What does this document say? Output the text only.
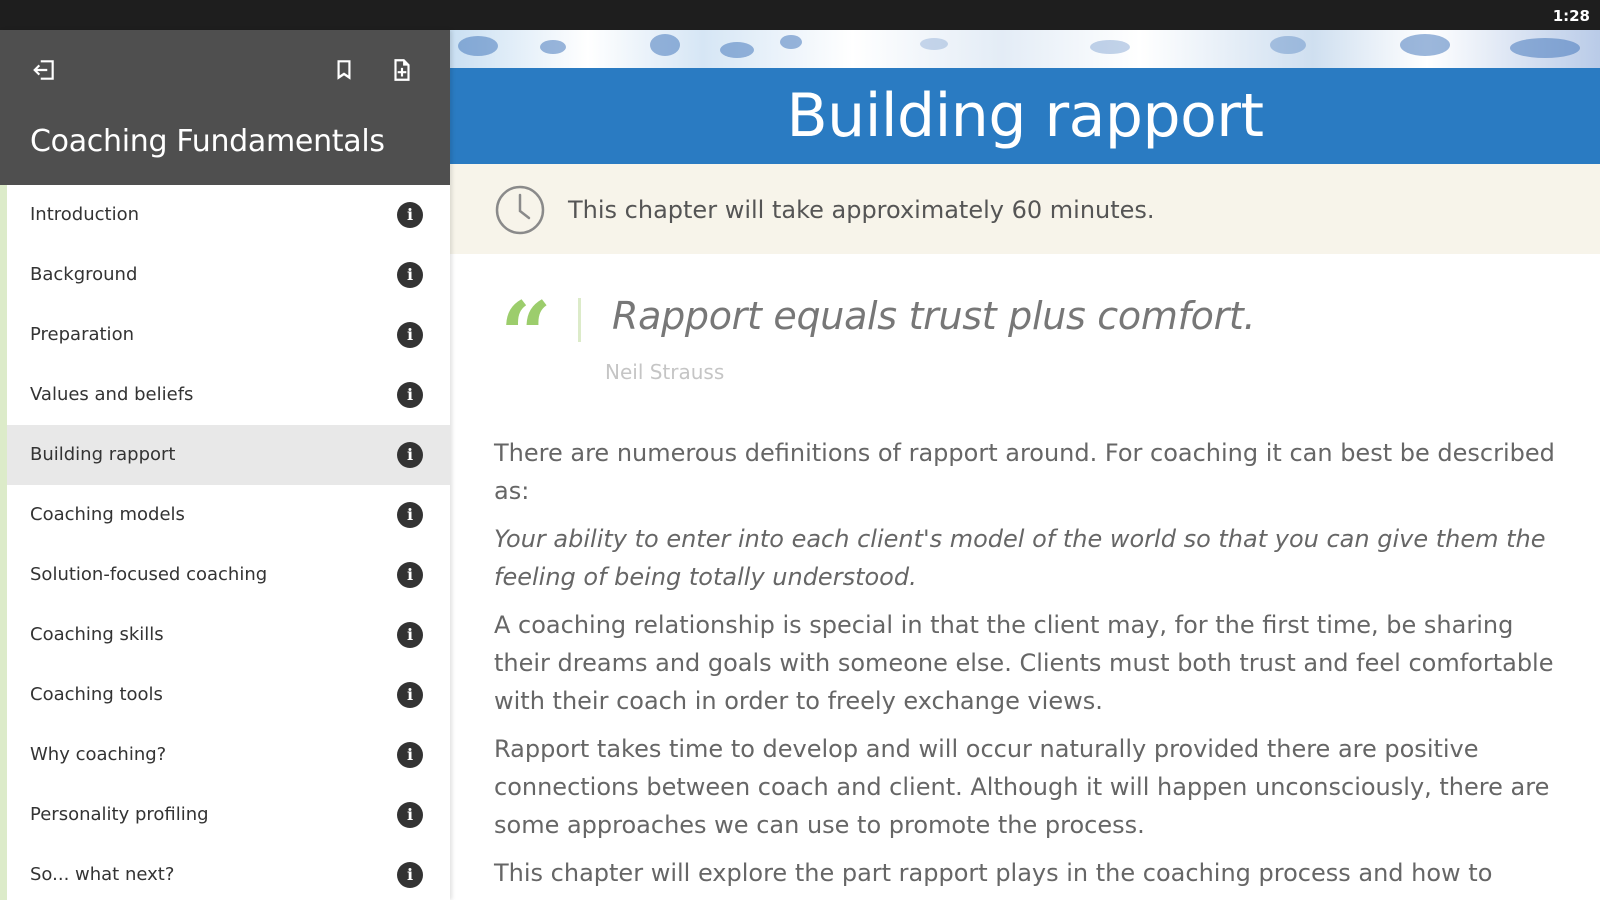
1:28
Coaching Fundamentals
Introduction	i
Background	i
Preparation	i
Values and beliefs	i
Building rapport	i
Coaching models	i
Solution-focused coaching	i
Coaching skills	i
Coaching tools	i
Why coaching?	i
Personality profiling	i
So... what next?	i
Building rapport
This chapter will take approximately 60 minutes.
“ Rapport equals trust plus comfort.
Neil Strauss

There are numerous definitions of rapport around. For coaching it can best be described as:

Your ability to enter into each client's model of the world so that you can give them the feeling of being totally understood.

A coaching relationship is special in that the client may, for the first time, be sharing their dreams and goals with someone else. Clients must both trust and feel comfortable with their coach in order to freely exchange views.

Rapport takes time to develop and will occur naturally provided there are positive connections between coach and client. Although it will happen unconsciously, there are some approaches we can use to promote the process.

This chapter will explore the part rapport plays in the coaching process and how to
